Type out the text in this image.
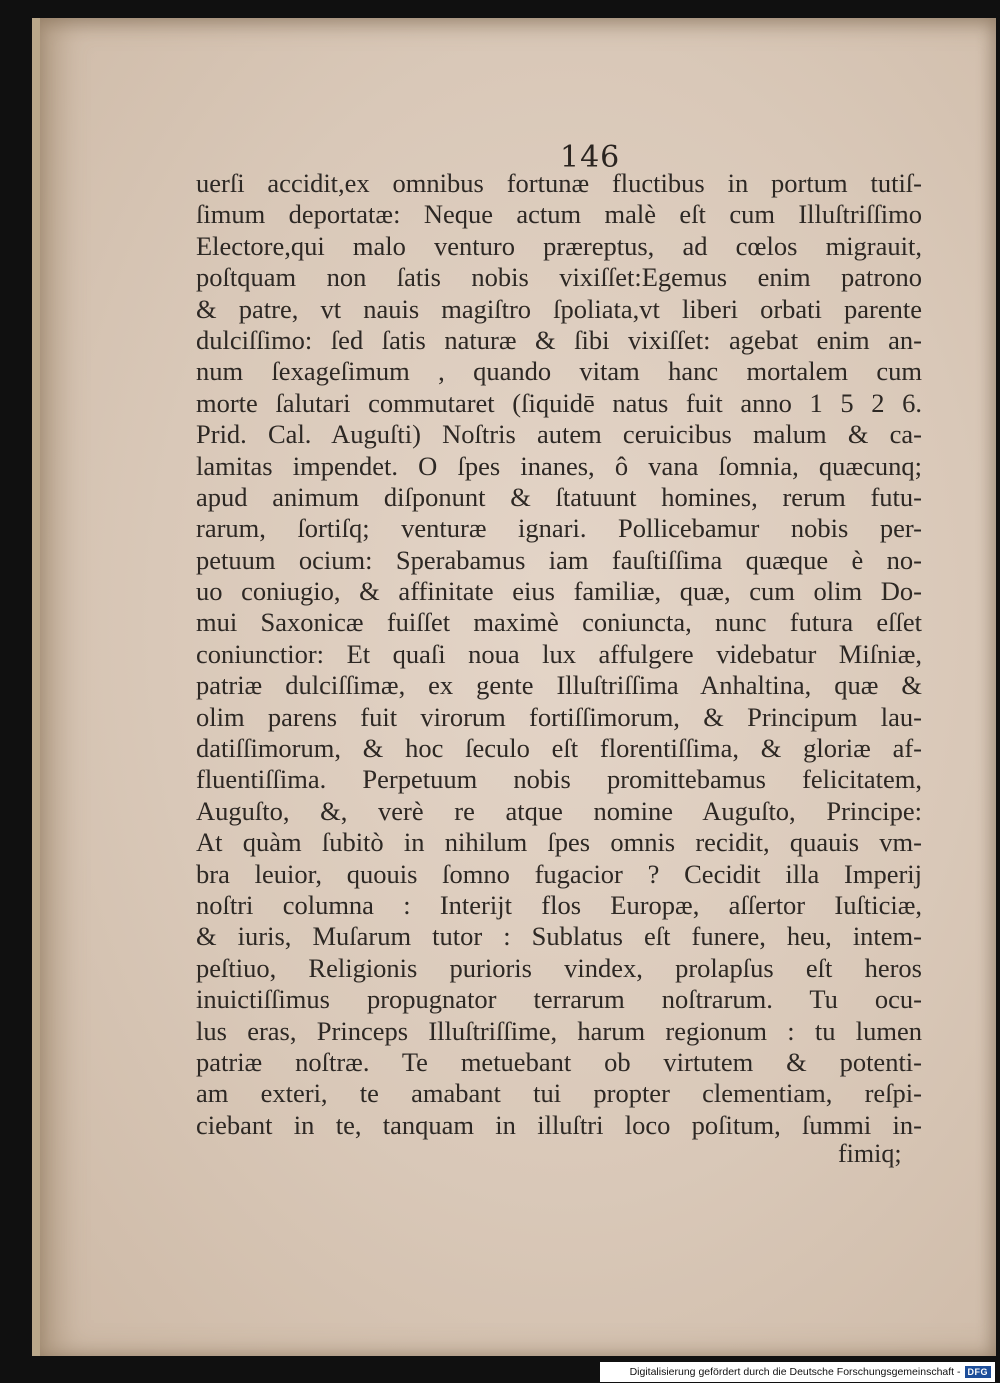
146
uerſi accidit,ex omnibus fortunæ fluctibus in portum tutiſ-
ſimum deportatæ: Neque actum malè eſt cum Illuſtriſſimo
Electore,qui malo venturo præreptus, ad cœlos migrauit,
poſtquam non ſatis nobis vixiſſet:Egemus enim patrono
& patre, vt nauis magiſtro ſpoliata,vt liberi orbati parente
dulciſſimo: ſed ſatis naturæ & ſibi vixiſſet: agebat enim an-
num ſexageſimum , quando vitam hanc mortalem cum
morte ſalutari commutaret (ſiquidē natus fuit anno 1 5 2 6.
Prid. Cal. Auguſti) Noſtris autem ceruicibus malum & ca-
lamitas impendet. O ſpes inanes, ô vana ſomnia, quæcunq;
apud animum diſponunt & ſtatuunt homines, rerum futu-
rarum, ſortiſq; venturæ ignari. Pollicebamur nobis per-
petuum ocium: Sperabamus iam fauſtiſſima quæque è no-
uo coniugio, & affinitate eius familiæ, quæ, cum olim Do-
mui Saxonicæ fuiſſet maximè coniuncta, nunc futura eſſet
coniunctior: Et quaſi noua lux affulgere videbatur Miſniæ,
patriæ dulciſſimæ, ex gente Illuſtriſſima Anhaltina, quæ &
olim parens fuit virorum fortiſſimorum, & Principum lau-
datiſſimorum, & hoc ſeculo eſt florentiſſima, & gloriæ af-
fluentiſſima. Perpetuum nobis promittebamus felicitatem,
Auguſto, &, verè re atque nomine Auguſto, Principe:
At quàm ſubitò in nihilum ſpes omnis recidit, quauis vm-
bra leuior, quouis ſomno fugacior ? Cecidit illa Imperij
noſtri columna : Interijt flos Europæ, aſſertor Iuſticiæ,
& iuris, Muſarum tutor : Sublatus eſt funere, heu, intem-
peſtiuo, Religionis purioris vindex, prolapſus eſt heros
inuictiſſimus propugnator terrarum noſtrarum. Tu ocu-
lus eras, Princeps Illuſtriſſime, harum regionum : tu lumen
patriæ noſtræ. Te metuebant ob virtutem & potenti-
am exteri, te amabant tui propter clementiam, reſpi-
ciebant in te, tanquam in illuſtri loco poſitum, ſummi in-
fimiq;
Digitalisierung gefördert durch die Deutsche Forschungsgemeinschaft - DFG
